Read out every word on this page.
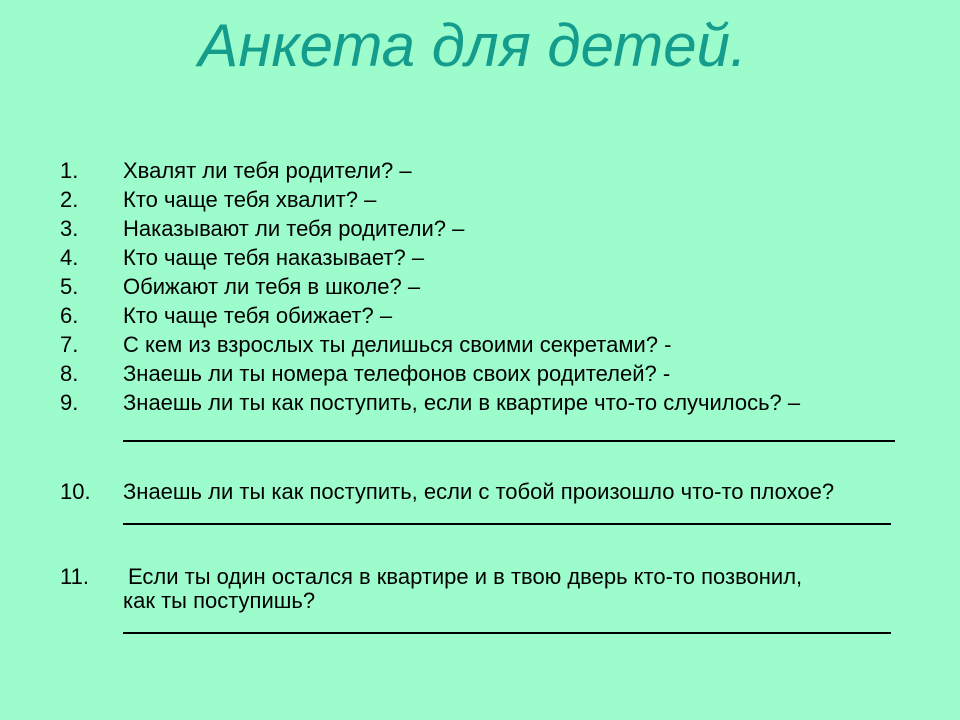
Анкета для детей.
1. Хвалят ли тебя родители? –
2. Кто чаще тебя хвалит? –
3. Наказывают ли тебя родители? –
4. Кто чаще тебя наказывает? –
5. Обижают ли тебя в школе? –
6. Кто чаще тебя обижает? –
7. С кем из взрослых ты делишься своими секретами? -
8. Знаешь ли ты номера телефонов своих родителей? -
9. Знаешь ли ты как поступить, если в квартире что-то случилось? –
10. Знаешь ли ты как поступить, если с тобой произошло что-то плохое?
11. Если ты один остался в квартире и в твою дверь кто-то позвонил,
как ты поступишь?
